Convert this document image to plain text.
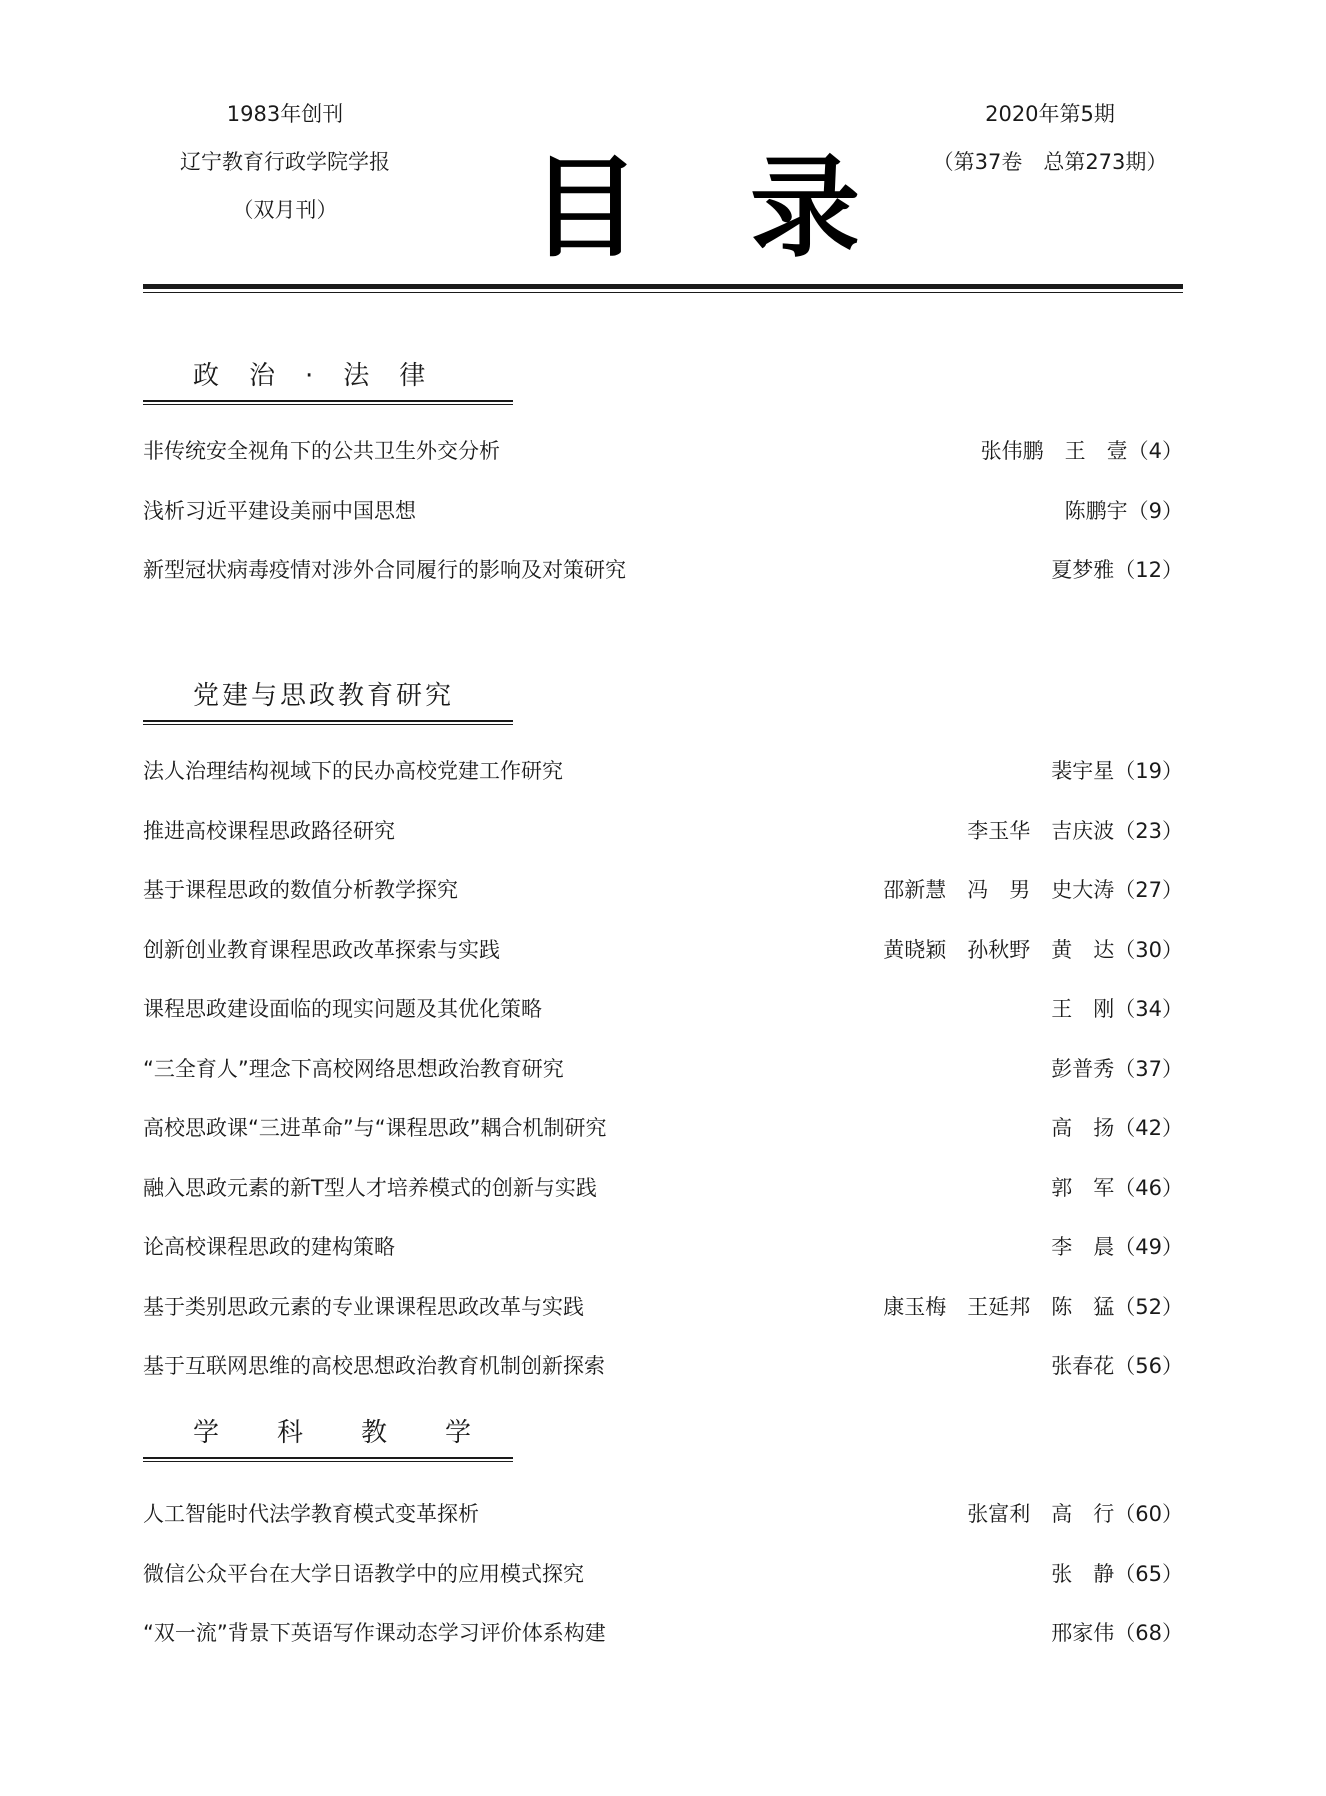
1983年创刊
辽宁教育行政学院学报
（双月刊）	目录
2020年第5期
（第37卷　总第273期）
政治·法律
非传统安全视角下的公共卫生外交分析	张伟鹏　王　壹（4）
浅析习近平建设美丽中国思想	陈鹏宇（9）
新型冠状病毒疫情对涉外合同履行的影响及对策研究	夏梦雅（12）
党建与思政教育研究
法人治理结构视域下的民办高校党建工作研究	裴宇星（19）
推进高校课程思政路径研究	李玉华　吉庆波（23）
基于课程思政的数值分析教学探究	邵新慧　冯　男　史大涛（27）
创新创业教育课程思政改革探索与实践	黄晓颖　孙秋野　黄　达（30）
课程思政建设面临的现实问题及其优化策略	王　刚（34）
“三全育人”理念下高校网络思想政治教育研究	彭普秀（37）
高校思政课“三进革命”与“课程思政”耦合机制研究	高　扬（42）
融入思政元素的新T型人才培养模式的创新与实践	郭　军（46）
论高校课程思政的建构策略	李　晨（49）
基于类别思政元素的专业课课程思政改革与实践	康玉梅　王延邦　陈　猛（52）
基于互联网思维的高校思想政治教育机制创新探索	张春花（56）
学科教学
人工智能时代法学教育模式变革探析	张富利　高　行（60）
微信公众平台在大学日语教学中的应用模式探究	张　静（65）
“双一流”背景下英语写作课动态学习评价体系构建	邢家伟（68）
